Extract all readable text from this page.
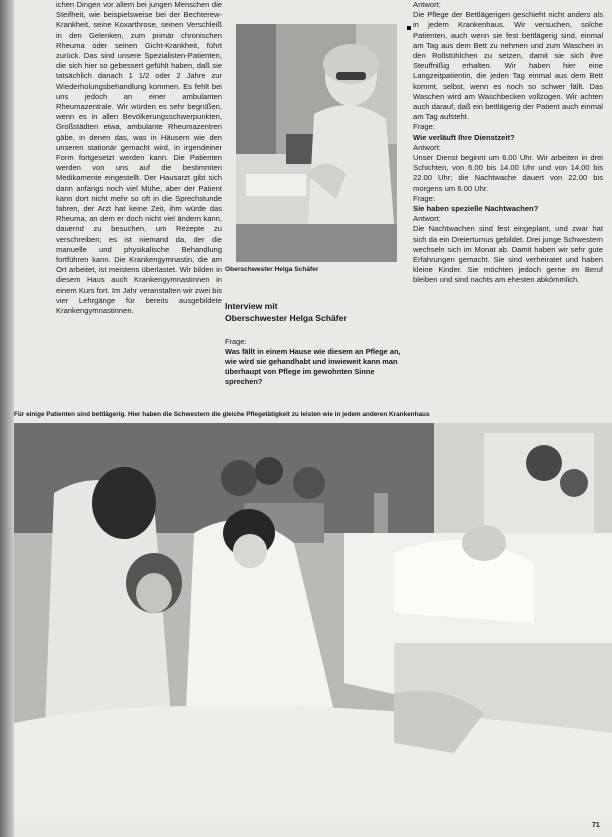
ichen Dingen vor allem bei jungen Menschen die Steifheit, wie beispielsweise bei der Bechterew-Krankheit, seine Koxarthrose, seinen Verschleiß in den Gelenken, zum primär chronischen Rheuma oder seinen Gicht-Krankheit, führt zurück. Das sind unsere Spezialisten-Patienten, die sich hier so gebessert gefühlt haben, daß sie tatsächlich danach 1 1/2 oder 2 Jahre zur Wiederholungsbehandlung kommen. Es fehlt bei uns jedoch an einer ambulanten Rheumazentrale. Wir würden es sehr begrüßen, wenn es in allen Bevölkerungsschwerpunkten, Großstädten etwa, ambulante Rheumazentren gäbe, in denen das, was in Häusern wie den unseren stationär gemacht wird, in irgendeiner Form fortgesetzt werden kann. Die Patienten werden von uns auf die bestimmten Medikamente eingestellt. Der Hausarzt gibt sich dann anfangs noch viel Mühe, aber der Patient kann dort nicht mehr so oft in die Sprechstunde fahren, der Arzt hat keine Zeit, ihm würde das Rheuma, an dem er doch nicht viel ändern kann, dauernd zu besuchen, um Rezepte zu verschreiben; es ist niemand da, der die manuelle und physikalische Behandlung fortführen kann. Die Krankengymnastin, die am Ort arbeitet, ist meistens überlastet. Wir bilden in diesem Haus auch Krankengymnastinnen in einem Kurs fort. Im Jahr veranstalten wir zwei bis vier Lehrgänge für bereits ausgebildete Krankengymnastinnen.
Oberschwester Helga Schäfer
Interview mit
Oberschwester Helga Schäfer
Frage:
Was fällt in einem Hause wie diesem an Pflege an, wie wird sie gehandhabt und inwieweit kann man überhaupt von Pflege im gewohnten Sinne sprechen?
Antwort:
Die Pflege der Bettlägerigen geschieht nicht anders als in jedem Krankenhaus. Wir versuchen, solche Patienten, auch wenn sie fest bettlägerig sind, einmal am Tag aus dem Bett zu nehmen und zum Waschen in den Rollstühlchen zu setzen, damit sie sich ihre Steuffnißig erhalten. Wir haben hier eine Langzeitpatientin, die jeden Tag einmal aus dem Bett kommt, selbst, wenn es noch so schwer fällt. Das Waschen wird am Waschbecken vollzogen. Wir achten auch darauf, daß ein bettlägerig der Patient auch einmal am Tag aufsteht.
Frage:
Wie verläuft Ihre Dienstzeit?
Antwort:
Unser Dienst beginnt um 6.00 Uhr. Wir arbeiten in drei Schichten, von 6.00 bis 14.00 Uhr und von 14.00 bis 22.00 Uhr; die Nachtwache dauert von 22.00 bis morgens um 6.00 Uhr.
Frage:
Sie haben spezielle Nachtwachen?
Antwort:
Die Nachtwachen sind fest eingeplant, und zwar hat sich da ein Dreierturnus gebildet. Drei junge Schwestern wechseln sich im Monat ab. Damit haben wir sehr gute Erfahrungen gemacht. Sie sind verheiratet und haben kleine Kinder. Sie möchten jedoch gerne im Beruf bleiben und sind nachts am ehesten abkömmlich.
Für einige Patienten sind bettlägerig. Hier haben die Schwestern die gleiche Pflegetätigkeit zu leisten wie in jedem anderen Krankenhaus
71
